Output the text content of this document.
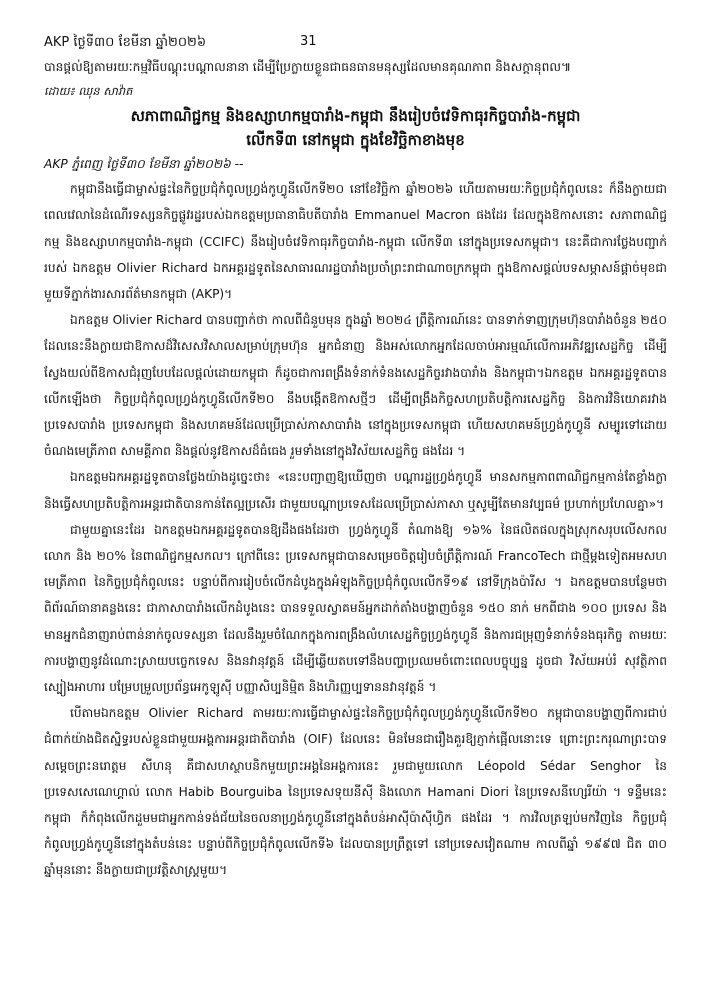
AKP ថ្ងៃទី៣០ ខែមីនា ឆ្នាំ២០២៦	31

បានផ្ដល់ឱ្យតាមរយៈកម្មវិធីបណ្ដុះបណ្ដាលនានា ដើម្បីប្រែក្លាយខ្លួនជាធនធានមនុស្សដែលមានគុណភាព និងសក្ដានុពល៕

ដោយ៖ ឈុន សាវ៉ាត

សភាពាណិជ្ជកម្ម និងឧស្សាហកម្មបារាំង-កម្ពុជា នឹងរៀបចំវេទិកាធុរកិច្ចបារាំង-កម្ពុជា
លើកទី៣ នៅកម្ពុជា ក្នុងខែវិច្ឆិកាខាងមុខ

AKP ភ្នំពេញ ថ្ងៃទី៣០ ខែមីនា ឆ្នាំ២០២៦ --

កម្ពុជានឹងធ្វើជាម្ចាស់ផ្ទះនៃកិច្ចប្រជុំកំពូលហ្វ្រង់កូហ្វូនីលើកទី២០ នៅខែវិច្ឆិកា ឆ្នាំ២០២៦ ហើយតាមរយៈកិច្ចប្រជុំកំពូលនេះ ក៏នឹងក្លាយជាពេលវេលានៃដំណើរទស្សនកិច្ចផ្លូវរដ្ឋរបស់ឯកឧត្តមប្រធានាធិបតីបារាំង Emmanuel Macron ផងដែរ ដែលក្នុងឱកាសនោះ សភាពាណិជ្ជកម្ម និងឧស្សាហកម្មបារាំង-កម្ពុជា (CCIFC) នឹងរៀបចំវេទិកាធុរកិច្ចបារាំង-កម្ពុជា លើកទី៣ នៅក្នុងប្រទេសកម្ពុជា។ នេះគឺជាការថ្លែងបញ្ជាក់របស់ ឯកឧត្តម Olivier Richard ឯកអគ្គរដ្ឋទូតនៃសាធារណរដ្ឋបារាំងប្រចាំព្រះរាជាណាចក្រកម្ពុជា ក្នុងឱកាសផ្ដល់បទសម្ភាសន៍ផ្ដាច់មុខជាមួយទីភ្នាក់ងារសារព័ត៌មានកម្ពុជា (AKP)។

ឯកឧត្តម Olivier Richard បានបញ្ជាក់ថា កាលពីជំនួបមុន ក្នុងឆ្នាំ ២០២៤ ព្រឹត្តិការណ៍នេះ បានទាក់ទាញក្រុមហ៊ុនបារាំងចំនួន ២៥០ ដែលនេះនឹងក្លាយជាឱកាសដ៏វិសេសវិសាលសម្រាប់ក្រុមហ៊ុន អ្នកជំនាញ និងអស់លោកអ្នកដែលចាប់អារម្មណ៍លើការអភិវឌ្ឍសេដ្ឋកិច្ច ដើម្បីស្វែងយល់ពីឱកាសជំរុញបែបដែលផ្ដល់ដោយកម្ពុជា ក៏ដូចជាការពង្រឹងទំនាក់ទំនងសេដ្ឋកិច្ចរវាងបារាំង និងកម្ពុជា។ឯកឧត្តម ឯកអគ្គរដ្ឋទូតបានលើកឡើងថា កិច្ចប្រជុំកំពូលហ្វ្រង់កូហ្វូនីលើកទី២០ នឹងបង្កើតឱកាសថ្មីៗ ដើម្បីពង្រឹងកិច្ចសហប្រតិបត្តិការសេដ្ឋកិច្ច និងការវិនិយោគរវាងប្រទេសបារាំង ប្រទេសកម្ពុជា និងសហគមន៍ដែលប្រើប្រាស់ភាសាបារាំង នៅក្នុងប្រទេសកម្ពុជា ហើយសហគមន៍ហ្វ្រង់កូហ្វូនី សម្បូរទៅដោយចំណងមេត្រីភាព សាមគ្គីភាព និងផ្ដល់នូវឱកាសដ៏ធំធេង រួមទាំងនៅក្នុងវិស័យសេដ្ឋកិច្ច ផងដែរ ។

ឯកឧត្តមឯកអគ្គរដ្ឋទូតបានថ្លែងយ៉ាងដូច្នេះថា៖ «នេះបញ្ជាញឱ្យឃើញថា បណ្ដារដ្ឋហ្វ្រង់កូហ្វូនី មានសកម្មភាពពាណិជ្ជកម្មកាន់តែខ្លាំងក្លា និងធ្វើសហប្រតិបត្តិការអន្តរជាតិបានកាន់តែល្អប្រសើរ ជាមួយបណ្ដាប្រទេសដែលប្រើប្រាស់ភាសា ឬសូម្បីតែមានវប្បធម៌ ប្រហាក់ប្រហែលគ្នា»។

ជាមួយគ្នានេះដែរ ឯកឧត្តមឯកអគ្គរដ្ឋទូតបានឱ្យដឹងផងដែរថា ហ្វ្រង់កូហ្វូនី តំណាងឱ្យ ១៦% នៃផលិតផលក្នុងស្រុកសរុបលើសកលលោក និង ២០% នៃពាណិជ្ជកម្មសកល។ ក្រៅពីនេះ ប្រទេសកម្ពុជាបានសម្រេចចិត្តរៀបចំព្រឹត្តិការណ៍ FrancoTech ជាថ្មីម្ដងទៀតអមសហមេត្រីភាព នៃកិច្ចប្រជុំកំពូលនេះ បន្ទាប់ពីការរៀបចំលើកដំបូងក្នុងអំឡុងកិច្ចប្រជុំកំពូលលើកទី១៩ នៅទីក្រុងប៉ារីស ។ ឯកឧត្តមបានបន្ថែមថា ពិព័រណ៍ធានាគន្លងនេះ ជាភាសាបារាំងលើកដំបូងនេះ បានទទួលស្វាគមន៍អ្នកដាក់តាំងបង្ហាញចំនួន ១៥០ នាក់ មកពីជាង ១០០ ប្រទេស និងមានអ្នកជំនាញរាប់ពាន់នាក់ចូលទស្សនា ដែលនឹងរួមចំណែកក្នុងការពង្រឹងលំហសេដ្ឋកិច្ចហ្វ្រង់កូហ្វូនី និងការជម្រុញទំនាក់ទំនងធុរកិច្ច តាមរយៈការបង្ហាញនូវដំណោះស្រាយបច្ចេកទេស និងនវានុវត្តន៍ ដើម្បីឆ្លើយតបទៅនឹងបញ្ហាប្រឈមចំពោះពេលបច្ចុប្បន្ន ដូចជា វិស័យអប់រំ សុវត្ថិភាពស្បៀងអាហារ បម្រែបម្រួលប្រព័ន្ធអេកូឡូស៊ី បញ្ញាសិប្បនិម្មិត និងហិរញ្ញប្បទាននវានុវត្តន៍ ។

បើតាមឯកឧត្តម Olivier Richard តាមរយៈការធ្វើជាម្ចាស់ផ្ទះនៃកិច្ចប្រជុំកំពូលហ្វ្រង់កូហ្វូនីលើកទី២០ កម្ពុជាបានបង្ហាញពីការជាប់ជំពាក់យ៉ាងជិតស្និទ្ធរបស់ខ្លួនជាមួយអង្គការអន្តរជាតិបារាំង (OIF) ដែលនេះ មិនមែនជារឿងគួរឱ្យភ្ញាក់ផ្អើលនោះទេ ព្រោះព្រះករុណាព្រះបាទសម្ដេចព្រះនរោត្តម សីហនុ គឺជាសហស្ថាបនិកមួយព្រះអង្គនៃអង្គការនេះ រួមជាមួយលោក Léopold Sédar Senghor នៃប្រទេសសេណេហ្គាល់ លោក Habib Bourguiba នៃប្រទេសទុយនីស៊ី និងលោក Hamani Diori នៃប្រទេសនីហ្សេរីយ៉ា ។ ទន្ទឹមនេះ កម្ពុជា ក៏កំពុងលើកដួមមជាអ្នកកាន់ទង់ជ័យនៃចលនាហ្វ្រង់កូហ្វូនីនៅក្នុងតំបន់អាស៊ីប៉ាស៊ីហ្វិក ផងដែរ ។ ការវិលត្រឡប់មកវិញនៃ កិច្ចប្រជុំកំពូលហ្វ្រង់កូហ្វូនីនៅក្នុងតំបន់នេះ បន្ទាប់ពីកិច្ចប្រជុំកំពូលលើកទី៦ ដែលបានប្រព្រឹត្តទៅ នៅប្រទេសវៀតណាម កាលពីឆ្នាំ ១៩៩៧ ជិត ៣០ ឆ្នាំមុននោះ នឹងក្លាយជាប្រវត្តិសាស្ត្រមួយ។
